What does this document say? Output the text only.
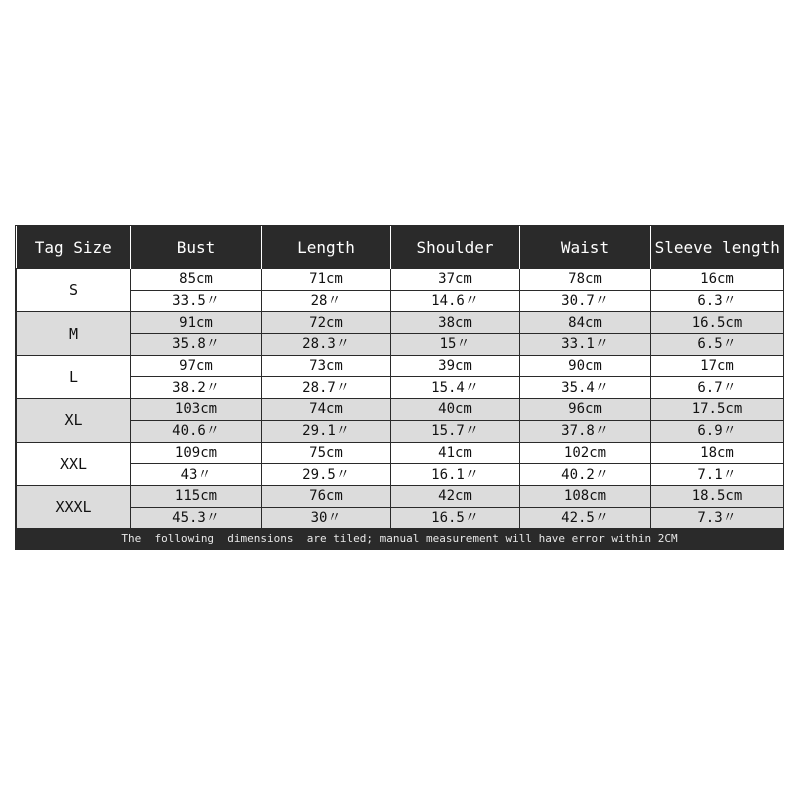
Tag Size	Bust	Length	Shoulder	Waist	Sleeve length
S	85cm	71cm	37cm	78cm	16cm
	33.5〃	28〃	14.6〃	30.7〃	6.3〃
M	91cm	72cm	38cm	84cm	16.5cm
	35.8〃	28.3〃	15〃	33.1〃	6.5〃
L	97cm	73cm	39cm	90cm	17cm
	38.2〃	28.7〃	15.4〃	35.4〃	6.7〃
XL	103cm	74cm	40cm	96cm	17.5cm
	40.6〃	29.1〃	15.7〃	37.8〃	6.9〃
XXL	109cm	75cm	41cm	102cm	18cm
	43〃	29.5〃	16.1〃	40.2〃	7.1〃
XXXL	115cm	76cm	42cm	108cm	18.5cm
	45.3〃	30〃	16.5〃	42.5〃	7.3〃
The  following  dimensions  are tiled; manual measurement will have error within 2CM
